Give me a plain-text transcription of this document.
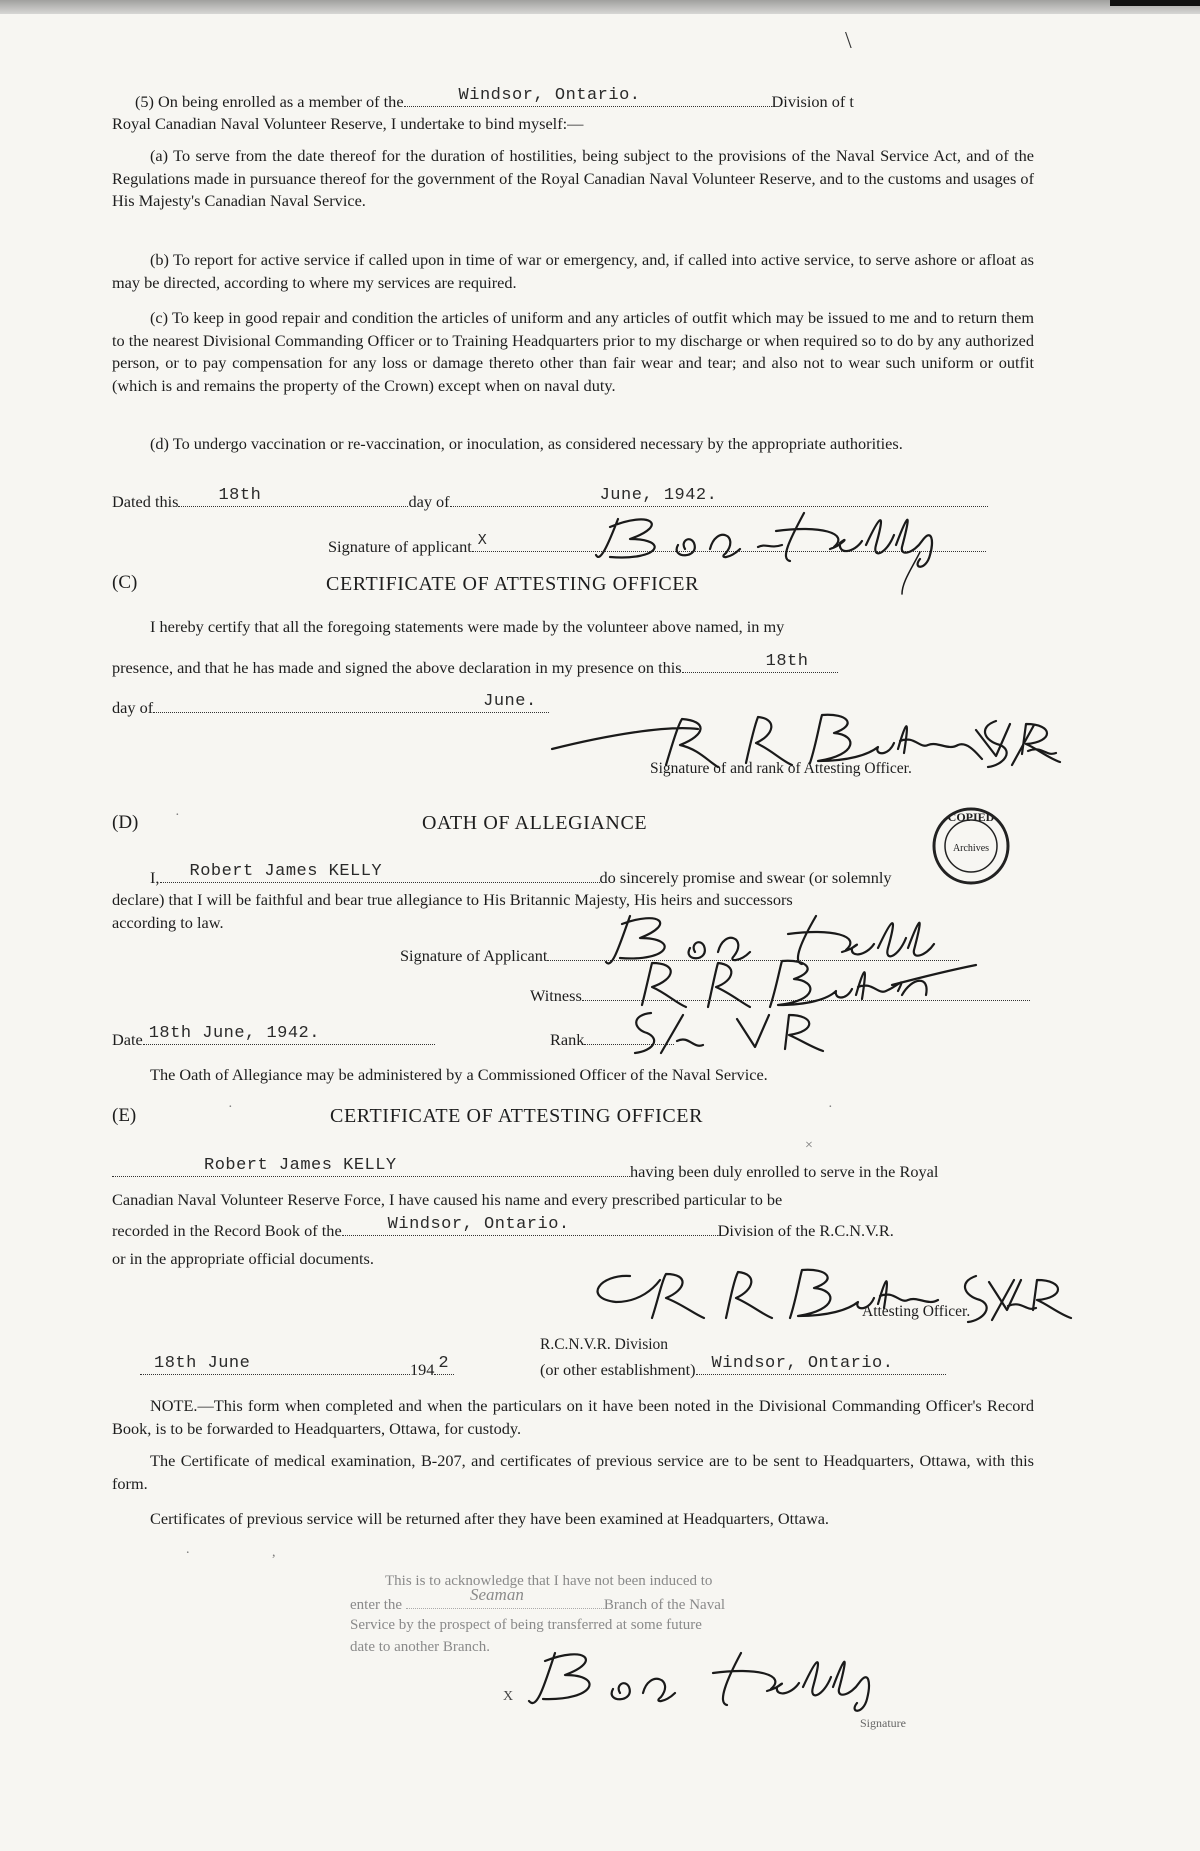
\
(5) On being enrolled as a member of the	Windsor, Ontario.	Division of t
Royal Canadian Naval Volunteer Reserve, I undertake to bind myself:—
(a) To serve from the date thereof for the duration of hostilities, being subject to the provisions of the Naval Service Act, and of the Regulations made in pursuance thereof for the government of the Royal Canadian Naval Volunteer Reserve, and to the customs and usages of His Majesty's Canadian Naval Service.
(b) To report for active service if called upon in time of war or emergency, and, if called into active service, to serve ashore or afloat as may be directed, according to where my services are required.
(c) To keep in good repair and condition the articles of uniform and any articles of outfit which may be issued to me and to return them to the nearest Divisional Commanding Officer or to Training Headquarters prior to my discharge or when required so to do by any authorized person, or to pay compensation for any loss or damage thereto other than fair wear and tear; and also not to wear such uniform or outfit (which is and remains the property of the Crown) except when on naval duty.
(d) To undergo vaccination or re-vaccination, or inoculation, as considered necessary by the appropriate authorities.
Dated this 18th	day of	June, 1942.
Signature of applicant X
(C)	CERTIFICATE OF ATTESTING OFFICER
I hereby certify that all the foregoing statements were made by the volunteer above named, in my
presence, and that he has made and signed the above declaration in my presence on this	18th
day of	June.
Signature of and rank of Attesting Officer.
(D)	·	OATH OF ALLEGIANCE	COPIED
Archives
I, Robert James KELLY	do sincerely promise and swear (or solemnly
declare) that I will be faithful and bear true allegiance to His Britannic Majesty, His heirs and successors
according to law.
Signature of Applicant
Witness
Date 18th June, 1942.	Rank
The Oath of Allegiance may be administered by a Commissioned Officer of the Naval Service.
(E)	·	CERTIFICATE OF ATTESTING OFFICER	·
Robert James KELLY	having been duly enrolled to serve in the Royal
Canadian Naval Volunteer Reserve Force, I have caused his name and every prescribed particular to be
recorded in the Record Book of the	Windsor, Ontario.	Division of the R.C.N.V.R.
or in the appropriate official documents.
Attesting Officer.
R.C.N.V.R. Division
18th June	194 2	(or other establishment) Windsor, Ontario.
×
NOTE.—This form when completed and when the particulars on it have been noted in the Divisional Commanding Officer's Record Book, is to be forwarded to Headquarters, Ottawa, for custody.
The Certificate of medical examination, B-207, and certificates of previous service are to be sent to Headquarters, Ottawa, with this form.
Certificates of previous service will be returned after they have been examined at Headquarters, Ottawa.
This is to acknowledge that I have not been induced to
enter the	Branch of the Naval
Service by the prospect of being transferred at some future
date to another Branch.
Seaman
X
Signature
,
.
